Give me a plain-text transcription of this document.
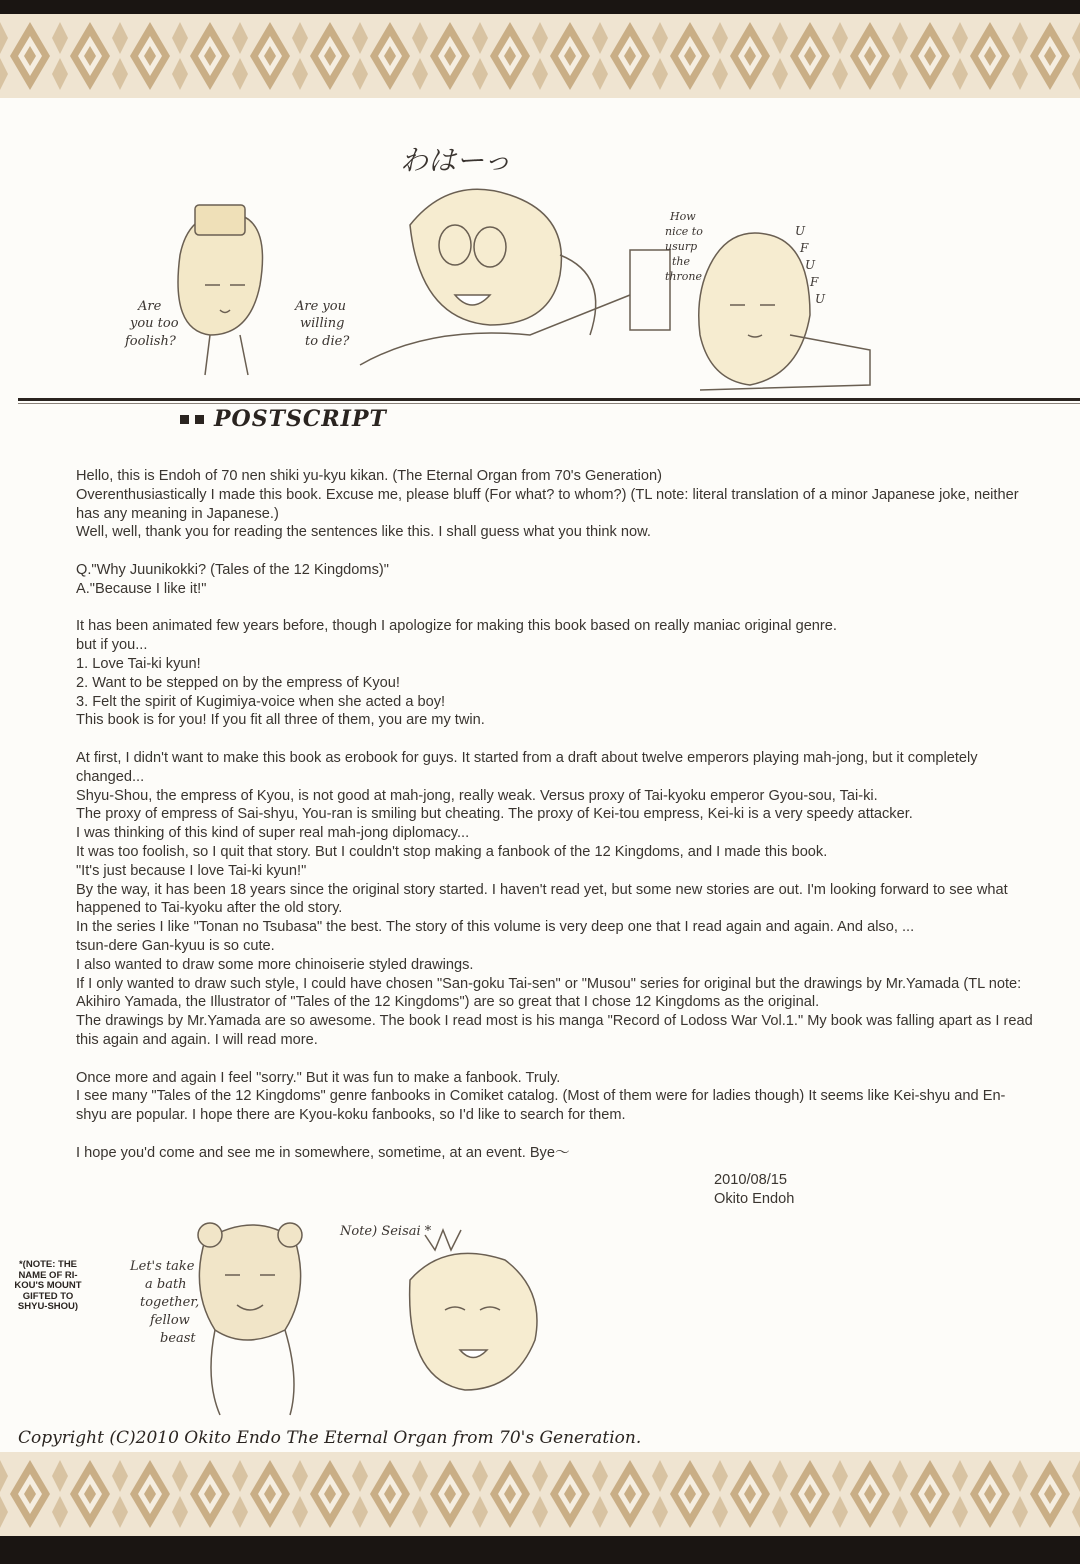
わはーっ
Are you too foolish?
Are you willing to die?
How nice to usurp the throne
U F U F U
POSTSCRIPT

Hello, this is Endoh of 70 nen shiki yu-kyu kikan. (The Eternal Organ from 70's Generation)

Overenthusiastically I made this book. Excuse me, please bluff (For what? to whom?) (TL note: literal translation of a minor Japanese joke, neither has any meaning in Japanese.)

Well, well, thank you for reading the sentences like this. I shall guess what you think now.

Q."Why Juunikokki? (Tales of the 12 Kingdoms)"

A."Because I like it!"

It has been animated few years before, though I apologize for making this book based on really maniac original genre.

but if you...

1. Love Tai-ki kyun!

2. Want to be stepped on by the empress of Kyou!

3. Felt the spirit of Kugimiya-voice when she acted a boy!

This book is for you! If you fit all three of them, you are my twin.

At first, I didn't want to make this book as erobook for guys. It started from a draft about twelve emperors playing mah-jong, but it completely changed...

Shyu-Shou, the empress of Kyou, is not good at mah-jong, really weak. Versus proxy of Tai-kyoku emperor Gyou-sou, Tai-ki.

The proxy of empress of Sai-shyu, You-ran is smiling but cheating. The proxy of Kei-tou empress, Kei-ki is a very speedy attacker.

I was thinking of this kind of super real mah-jong diplomacy...

It was too foolish, so I quit that story. But I couldn't stop making a fanbook of the 12 Kingdoms, and I made this book.

"It's just because I love Tai-ki kyun!"

By the way, it has been 18 years since the original story started. I haven't read yet, but some new stories are out. I'm looking forward to see what happened to Tai-kyoku after the old story.

In the series I like "Tonan no Tsubasa" the best. The story of this volume is very deep one that I read again and again. And also, ...

tsun-dere Gan-kyuu is so cute.

I also wanted to draw some more chinoiserie styled drawings.

If I only wanted to draw such style, I could have chosen "San-goku Tai-sen" or "Musou" series for original but the drawings by Mr.Yamada (TL note: Akihiro Yamada, the Illustrator of "Tales of the 12 Kingdoms") are so great that I chose 12 Kingdoms as the original.

The drawings by Mr.Yamada are so awesome. The book I read most is his manga "Record of Lodoss War Vol.1." My book was falling apart as I read this again and again. I will read more.

Once more and again I feel "sorry." But it was fun to make a fanbook. Truly.

I see many "Tales of the 12 Kingdoms" genre fanbooks in Comiket catalog. (Most of them were for ladies though) It seems like Kei-shyu and En-shyu are popular. I hope there are Kyou-koku fanbooks, so I'd like to search for them.

I hope you'd come and see me in somewhere, sometime, at an event. Bye〜

2010/08/15
Okito Endoh
*(NOTE: THE NAME OF RI-KOU'S MOUNT GIFTED TO SHYU-SHOU)
Let's take a bath together, fellow beast
Note) Seisai *
Copyright (C)2010 Okito Endo The Eternal Organ from 70's Generation.
